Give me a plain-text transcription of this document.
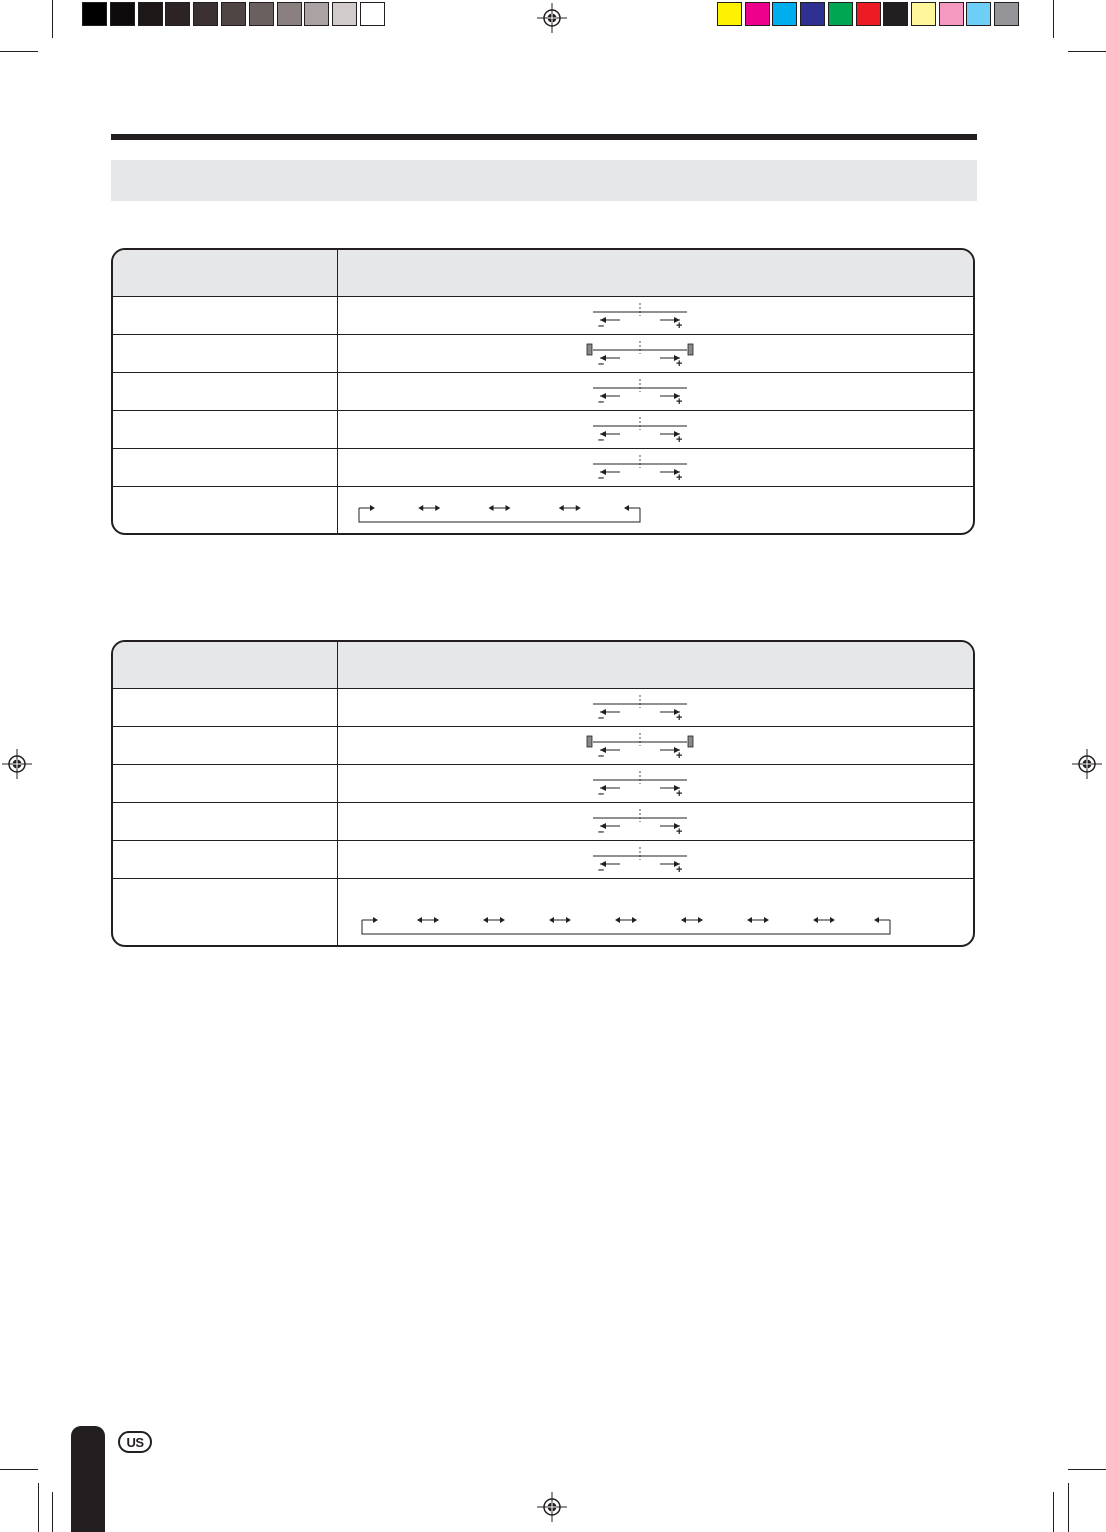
–	+
–	+
–	+
–	+
–	+
–	+
–	+
–	+
–	+
–	+
US
